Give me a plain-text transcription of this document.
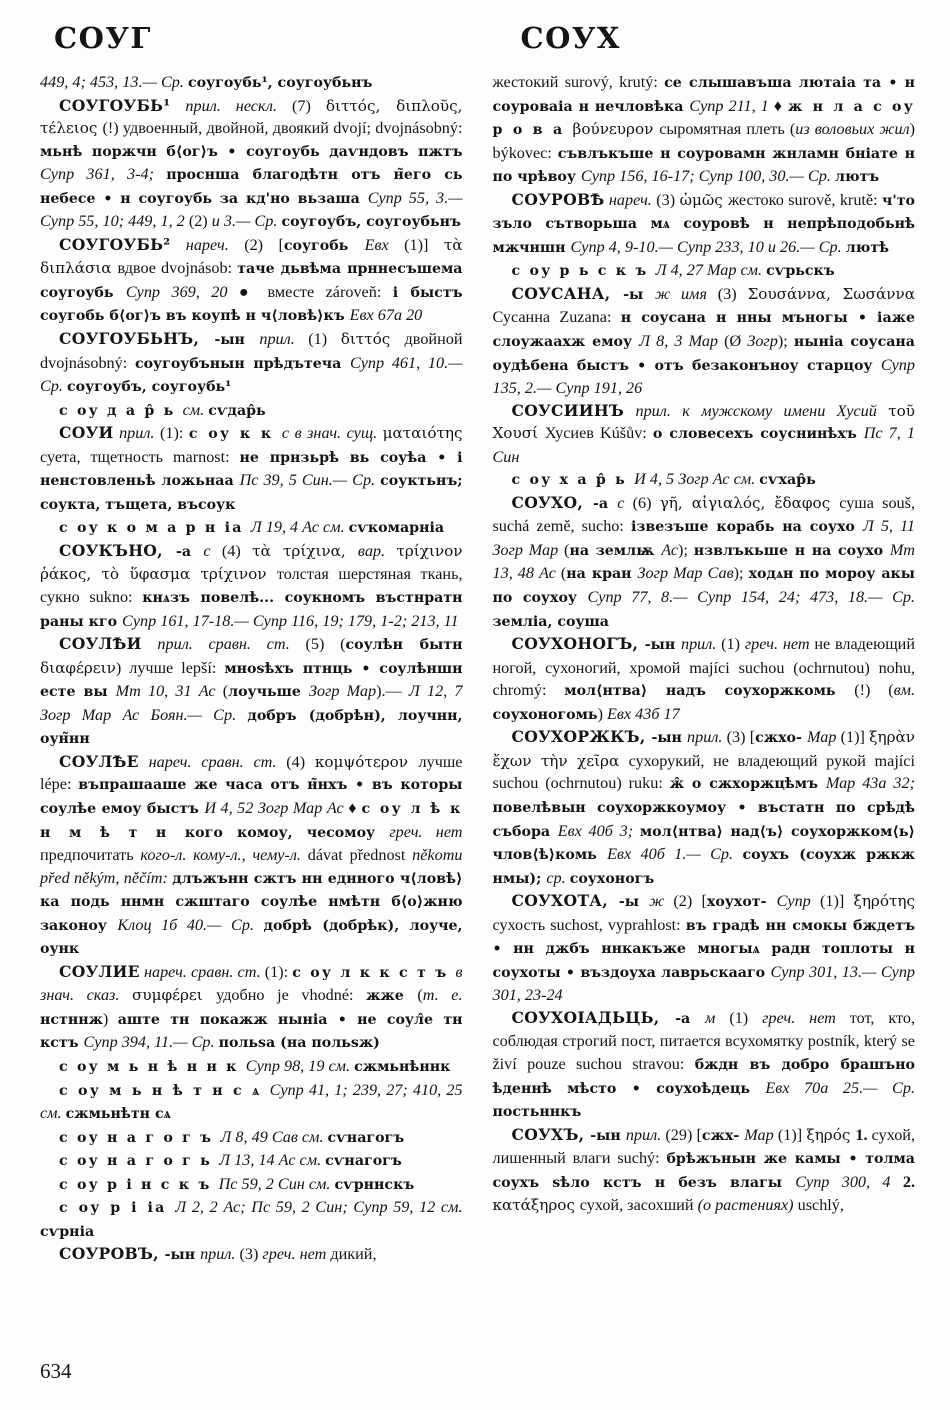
СОУГ	СОУХ

449, 4; 453, 13.— Ср. соугоубь¹, соугоубьнъ

СОУГОУБЬ¹ прил. нескл. (7) διττός, διπλοῦς, τέλειος (!) удвоенный, двойной, двоякий dvojí; dvojnásobný: мьнѣ поржчн б⟨ог⟩ъ • соугоубь даѵндовъ пжтъ Супр 361, 3-4; проснша благодѣтн отъ н̃его сь небесе • н соугоубь за кд'но вьзаша Супр 55, 3.— Супр 55, 10; 449, 1, 2 (2) и 3.— Ср. соугоубъ, соугоубьнъ

СОУГОУБЬ² нареч. (2) [соугобь Евх (1)] τὰ διπλάσια вдвое dvojnásob: таче дьвѣма прннесъшема соугоубь Супр 369, 20 ● вместе zároveň: і быстъ соугобь б⟨ог⟩ъ въ коупѣ н ч⟨ловѣ⟩къ Евх 67а 20

СОУГОУБЬНЪ, -ын прил. (1) διττός двойной dvojnásobný: соугоубънын прѣдътеча Супр 461, 10.— Ср. соугоубъ, соугоубь¹

с оу д а р̂ ь см. сѵдар̂ь

СОУИ прил. (1): с оу к к с в знач. сущ. ματαιότης суета, тщетность marnost: не прнзьрѣ вь соуѣа • і ненстовленьѣ ложьнаа Пс 39, 5 Син.— Ср. соуктьнъ; соукта, тъщета, въсоук

с оу к о м а р н іа Л 19, 4 Ас см. сѵкомарніа

СОУКЪНО, -а с (4) τὰ τρίχινα, вар. τρίχινον ῥάκος, τὸ ὕφασμα τρίχινον толстая шерстяная ткань, сукно sukno: кнѧзъ повелѣ... соукномъ въстнратн раны кго Супр 161, 17-18.— Супр 116, 19; 179, 1-2; 213, 11

СОУЛѢИ прил. сравн. ст. (5) (соулѣн бытн διαφέρειν) лучше lepší: мноѕѣхъ птнць • соулѣншн есте вы Мт 10, 31 Ас (лоучьше Зогр Мар).— Л 12, 7 Зогр Мар Ас Боян.— Ср. добръ (добрѣн), лоучнн, оун̃нн

СОУЛѢЕ нареч. сравн. ст. (4) κομψότερον лучше lépe: въпрашааше же часа отъ н̃нхъ • въ которы соулѣе емоу быстъ И 4, 52 Зогр Мар Ас ♦ с оу л ѣ к н м ѣ т н кого комоу, чесомоу греч. нет предпочитать кого-л. кому-л., чему-л. dávat přednost někomu před někým, něčím: длъжънн сжтъ нн еднного ч⟨ловѣ⟩ка подь ннмн сжштаго соулѣе нмѣтн б⟨о⟩жню законоу Клоц 1б 40.— Ср. добрѣ (добрѣк), лоуче, оунк

СОУЛИЕ нареч. сравн. ст. (1): с оу л к к с т ъ в знач. сказ. συμφέρει удобно je vhodné: жже (т. е. нстннж) аште тн покажж ныніа • не соул̂е тн кстъ Супр 394, 11.— Ср. польѕа (на польѕж)

с оу м ь н ѣ н н к Супр 98, 19 см. сжмьнѣннк

с оу м ь н ѣ т н с ѧ Супр 41, 1; 239, 27; 410, 25 см. сжмьнѣтн сѧ

с оу н а г о г ъ Л 8, 49 Сав см. сѵнагогъ

с оу н а г о г ь Л 13, 14 Ас см. сѵнагогъ

с оу р і н с к ъ Пс 59, 2 Син см. сѵрннскъ

с оу р і іа Л 2, 2 Ас; Пс 59, 2 Син; Супр 59, 12 см. сѵрніа

СОУРОВЪ, -ын прил. (3) греч. нет дикий,

жестокий surový, krutý: се слышавъша лютаіа та • н соуроваіа н нечловѣка Супр 211, 1 ♦ ж н л а с оу р о в а βούνευρον сыромятная плеть (из воловьих жил) býkovec: съвлъкъше н соуровамн жнламн бніате н по чрѣвоу Супр 156, 16-17; Супр 100, 30.— Ср. лютъ

СОУРОВѢ нареч. (3) ὠμῶς жестоко surově, krutě: ч'то зъло сътворьша мѧ соуровѣ н непрѣподобьнѣ мжчншн Супр 4, 9-10.— Супр 233, 10 и 26.— Ср. лютѣ

с оу р ь с к ъ Л 4, 27 Мар см. сѵрьскъ

СОУСАНА, -ы ж имя (3) Σουσάννα, Σωσάννα Сусанна Zuzana: н соусана н нны мъногы • іаже слоужаахж емоу Л 8, 3 Мар (Ø Зогр); ныніа соусана оудѣбена быстъ • отъ безаконъноу старцоу Супр 135, 2.— Супр 191, 26

СОУСИИНЪ прил. к мужскому имени Хусий τοῦ Χουσί Хусиев Kúšův: о словесехъ соуснинѣхъ Пс 7, 1 Син

с оу х а р̂ ь И 4, 5 Зогр Ас см. сѵхар̂ь

СОУХО, -а с (6) γῆ, αἰγιαλός, ἔδαφος суша souš, suchá země, sucho: ізвезъше корабь на соухо Л 5, 11 Зогр Мар (на землѭ Ас); нзвлъкьше н на соухо Мт 13, 48 Ас (на кран Зогр Мар Сав); ходѧн по мороу акы по соухоу Супр 77, 8.— Супр 154, 24; 473, 18.— Ср. земліа, соуша

СОУХОНОГЪ, -ын прил. (1) греч. нет не владеющий ногой, сухоногий, хромой majíci suchou (ochrnutou) nohu, chromý: мол⟨нтва⟩ надъ соухоржкомь (!) (вм. соухоногомь) Евх 43б 17

СОУХОРЖКЪ, -ын прил. (3) [сжхо- Мар (1)] ξηρὰν ἔχων τὴν χεῖρα сухорукий, не владеющий рукой majíci suchou (ochrnutou) ruku: ж̂ о сжхоржцѣмъ Мар 43а 32; повелѣвын соухоржкоумоу • въстатн по срѣдѣ събора Евх 40б 3; мол⟨нтва⟩ над⟨ъ⟩ соухоржком⟨ь⟩ члов⟨ѣ⟩комь Евх 40б 1.— Ср. соухъ (соухж ржкж нмы); ср. соухоногъ

СОУХОТА, -ы ж (2) [хоухот- Супр (1)] ξηρότης сухость suchost, vyprahlost: въ градѣ нн смокы бждетъ • нн джбъ ннкакъже многыѧ радн топлоты н соухоты • въздоуха лаврьскааго Супр 301, 13.— Супр 301, 23-24

СОУХОІАДЬЦЬ, -а м (1) греч. нет тот, кто, соблюдая строгий пост, питается всухомятку postník, který se živí pouze suchou stravou: бждн въ добро брашъно ѣденнѣ мѣсто • соухоѣдець Евх 70а 25.— Ср. постьннкъ

СОУХЪ, -ын прил. (29) [сжх- Мар (1)] ξηρός 1. сухой, лишенный влаги suchý: брѣжънын же камы • толма соухъ ѕѣло кстъ н безъ влагы Супр 300, 4 2. κατάξηρος сухой, засохший (о растениях) uschlý,

634
